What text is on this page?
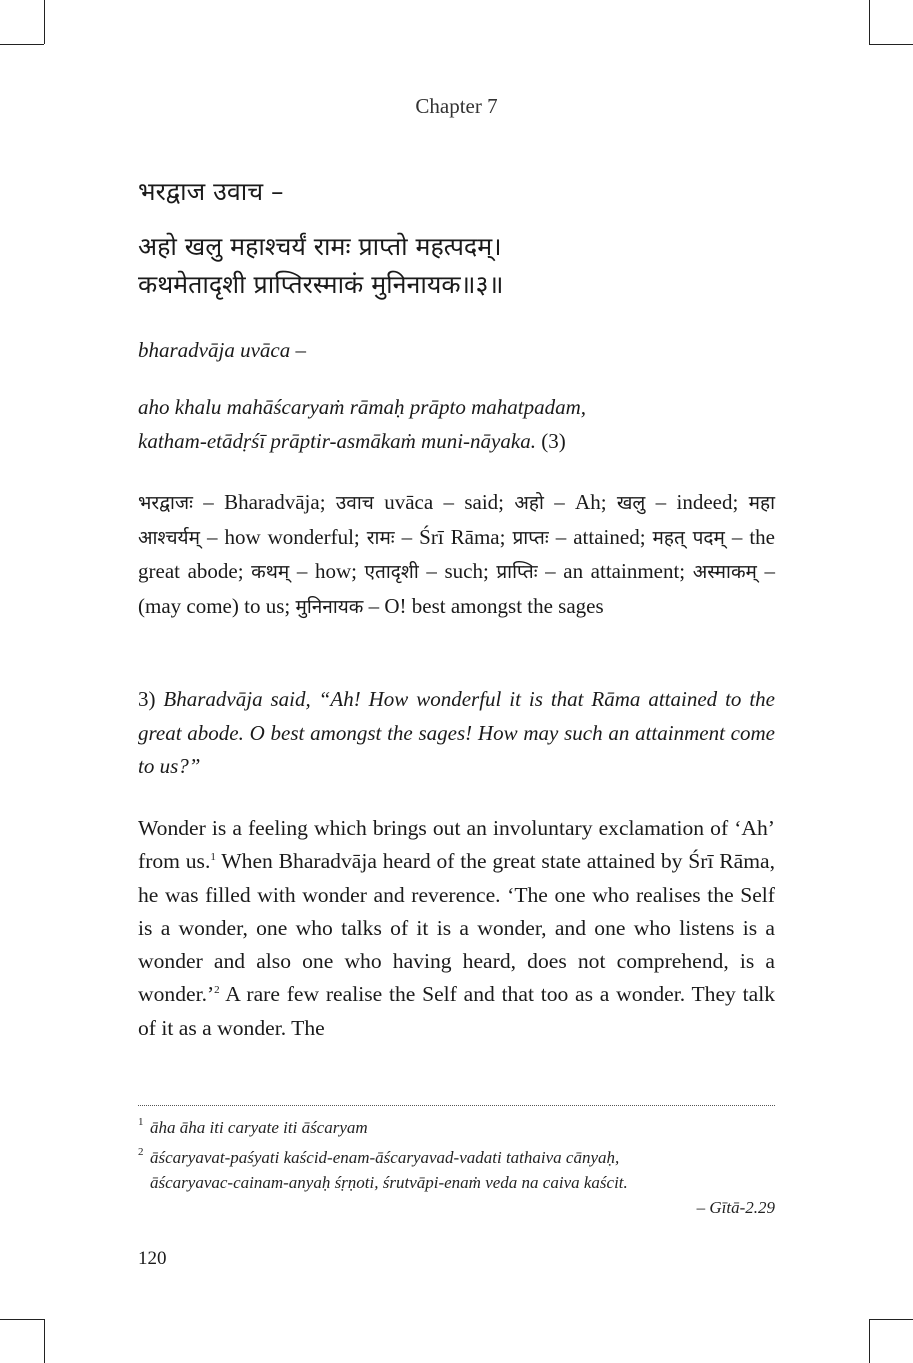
Chapter 7
भरद्वाज उवाच –
अहो खलु महाश्चर्यं रामः प्राप्तो महत्पदम्।
कथमेतादृशी प्राप्तिरस्माकं मुनिनायक॥३॥
bharadvāja uvāca –
aho khalu mahāścaryaṁ rāmaḥ prāpto mahatpadam,
katham-etādṛśī prāptir-asmākaṁ muni-nāyaka. (3)
भरद्वाजः – Bharadvāja; उवाच uvāca – said; अहो – Ah; खलु – indeed; महा आश्चर्यम् – how wonderful; रामः – Śrī Rāma; प्राप्तः – attained; महत् पदम् – the great abode; कथम् – how; एतादृशी – such; प्राप्तिः – an attainment; अस्माकम् – (may come) to us; मुनिनायक – O! best amongst the sages
3) Bharadvāja said, “Ah! How wonderful it is that Rāma attained to the great abode. O best amongst the sages! How may such an attainment come to us?”
Wonder is a feeling which brings out an involuntary exclamation of ‘Ah’ from us.$^1$ When Bharadvāja heard of the great state attained by Śrī Rāma, he was filled with wonder and reverence. ‘The one who realises the Self is a wonder, one who talks of it is a wonder, and one who listens is a wonder and also one who having heard, does not comprehend, is a wonder.’$^2$ A rare few realise the Self and that too as a wonder. They talk of it as a wonder. The
1 āha āha iti caryate iti āścaryam
2 āścaryavat-paśyati kaścid-enam-āścaryavad-vadati tathaiva cānyaḥ,
āścaryavac-cainam-anyaḥ śṛṇoti, śrutvāpi-enaṁ veda na caiva kaścit.
– Gītā-2.29
120
